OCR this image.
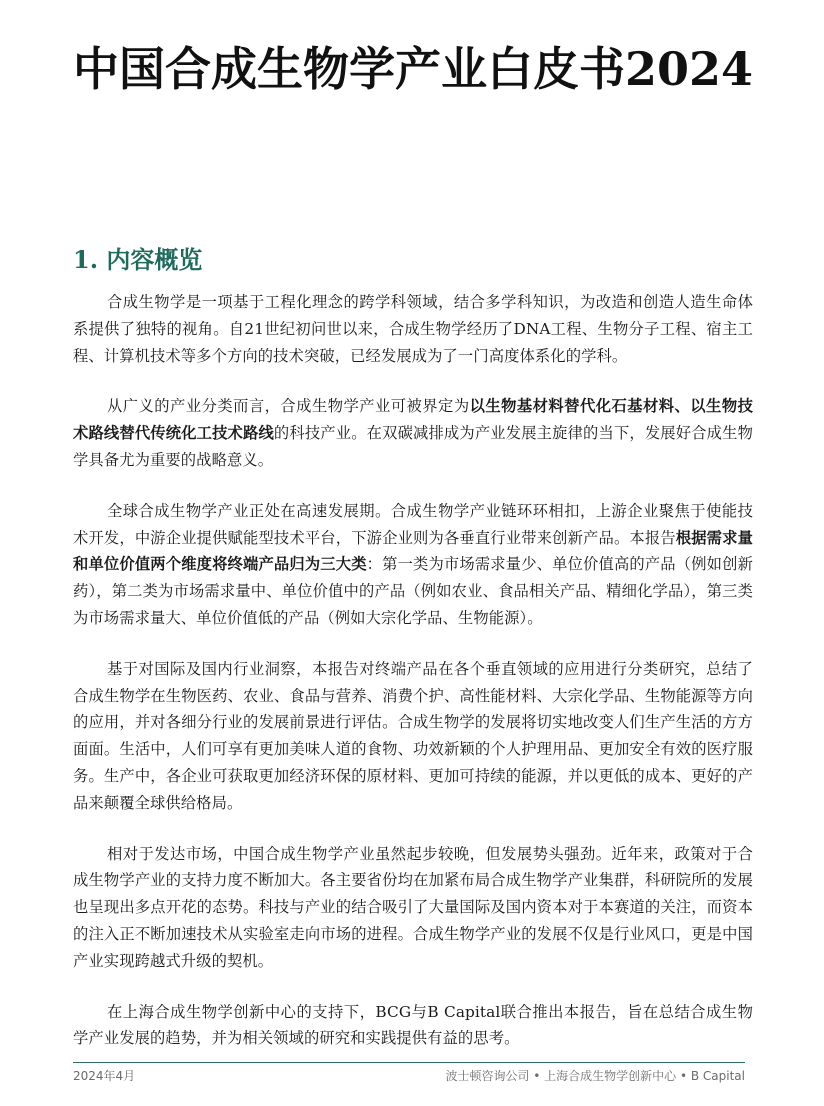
中国合成生物学产业白皮书2024
1. 内容概览

合成生物学是一项基于工程化理念的跨学科领域，结合多学科知识，为改造和创造人造生命体系提供了独特的视角。自21世纪初问世以来，合成生物学经历了DNA工程、生物分子工程、宿主工程、计算机技术等多个方向的技术突破，已经发展成为了一门高度体系化的学科。

从广义的产业分类而言，合成生物学产业可被界定为以生物基材料替代化石基材料、以生物技术路线替代传统化工技术路线的科技产业。在双碳减排成为产业发展主旋律的当下，发展好合成生物学具备尤为重要的战略意义。

全球合成生物学产业正处在高速发展期。合成生物学产业链环环相扣，上游企业聚焦于使能技术开发，中游企业提供赋能型技术平台，下游企业则为各垂直行业带来创新产品。本报告根据需求量和单位价值两个维度将终端产品归为三大类：第一类为市场需求量少、单位价值高的产品（例如创新药），第二类为市场需求量中、单位价值中的产品（例如农业、食品相关产品、精细化学品），第三类为市场需求量大、单位价值低的产品（例如大宗化学品、生物能源）。

基于对国际及国内行业洞察，本报告对终端产品在各个垂直领域的应用进行分类研究，总结了合成生物学在生物医药、农业、食品与营养、消费个护、高性能材料、大宗化学品、生物能源等方向的应用，并对各细分行业的发展前景进行评估。合成生物学的发展将切实地改变人们生产生活的方方面面。生活中，人们可享有更加美味人道的食物、功效新颖的个人护理用品、更加安全有效的医疗服务。生产中，各企业可获取更加经济环保的原材料、更加可持续的能源，并以更低的成本、更好的产品来颠覆全球供给格局。

相对于发达市场，中国合成生物学产业虽然起步较晚，但发展势头强劲。近年来，政策对于合成生物学产业的支持力度不断加大。各主要省份均在加紧布局合成生物学产业集群，科研院所的发展也呈现出多点开花的态势。科技与产业的结合吸引了大量国际及国内资本对于本赛道的关注，而资本的注入正不断加速技术从实验室走向市场的进程。合成生物学产业的发展不仅是行业风口，更是中国产业实现跨越式升级的契机。

在上海合成生物学创新中心的支持下，BCG与B Capital联合推出本报告，旨在总结合成生物学产业发展的趋势，并为相关领域的研究和实践提供有益的思考。

2024年4月	波士顿咨询公司 • 上海合成生物学创新中心 • B Capital
